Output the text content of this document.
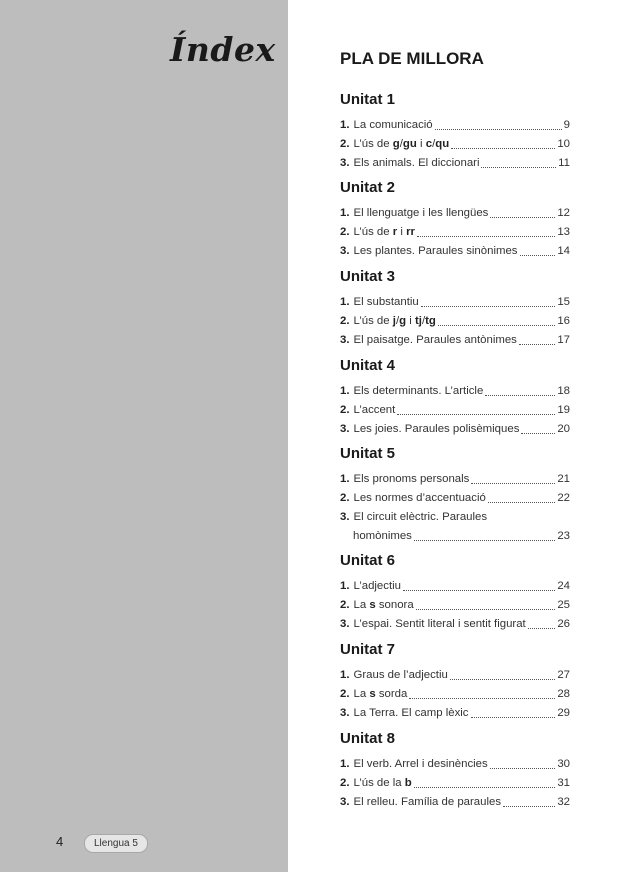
Índex
4	Llengua 5
PLA DE MILLORA
Unitat 1
1. La comunicació	9
2. L’ús de g/gu i c/qu	10
3. Els animals. El diccionari	11
Unitat 2
1. El llenguatge i les llengües	12
2. L’ús de r i rr	13
3. Les plantes. Paraules sinònimes	14
Unitat 3
1. El substantiu	15
2. L’ús de j/g i tj/tg	16
3. El paisatge. Paraules antònimes	17
Unitat 4
1. Els determinants. L’article	18
2. L’accent	19
3. Les joies. Paraules polisèmiques	20
Unitat 5
1. Els pronoms personals	21
2. Les normes d’accentuació	22
3. El circuit elèctric. Paraules
homònimes	23
Unitat 6
1. L’adjectiu	24
2. La s sonora	25
3. L’espai. Sentit literal i sentit figurat	26
Unitat 7
1. Graus de l’adjectiu	27
2. La s sorda	28
3. La Terra. El camp lèxic	29
Unitat 8
1. El verb. Arrel i desinències	30
2. L’ús de la b	31
3. El relleu. Família de paraules	32
